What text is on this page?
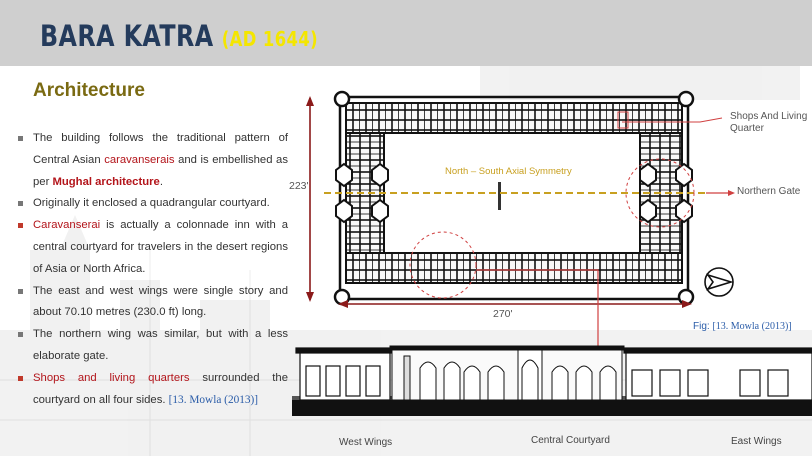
BARA KATRA (AD 1644)
Architecture
The building follows the traditional pattern of Central Asian caravanserais and is embellished as per Mughal architecture.
Originally it enclosed a quadrangular courtyard.
Caravanserai is actually a colonnade inn with a central courtyard for travelers in the desert regions of Asia or North Africa.
The east and west wings were single story and about 70.10 metres (230.0 ft) long.
The northern wing was similar, but with a less elaborate gate.
Shops and living quarters surrounded the courtyard on all four sides. [13. Mowla (2013)]
223'
270'
North – South Axial Symmetry
Shops And Living
Quarter
Northern Gate
Fig: [13. Mowla (2013)]
West Wings	Central Courtyard	East Wings
